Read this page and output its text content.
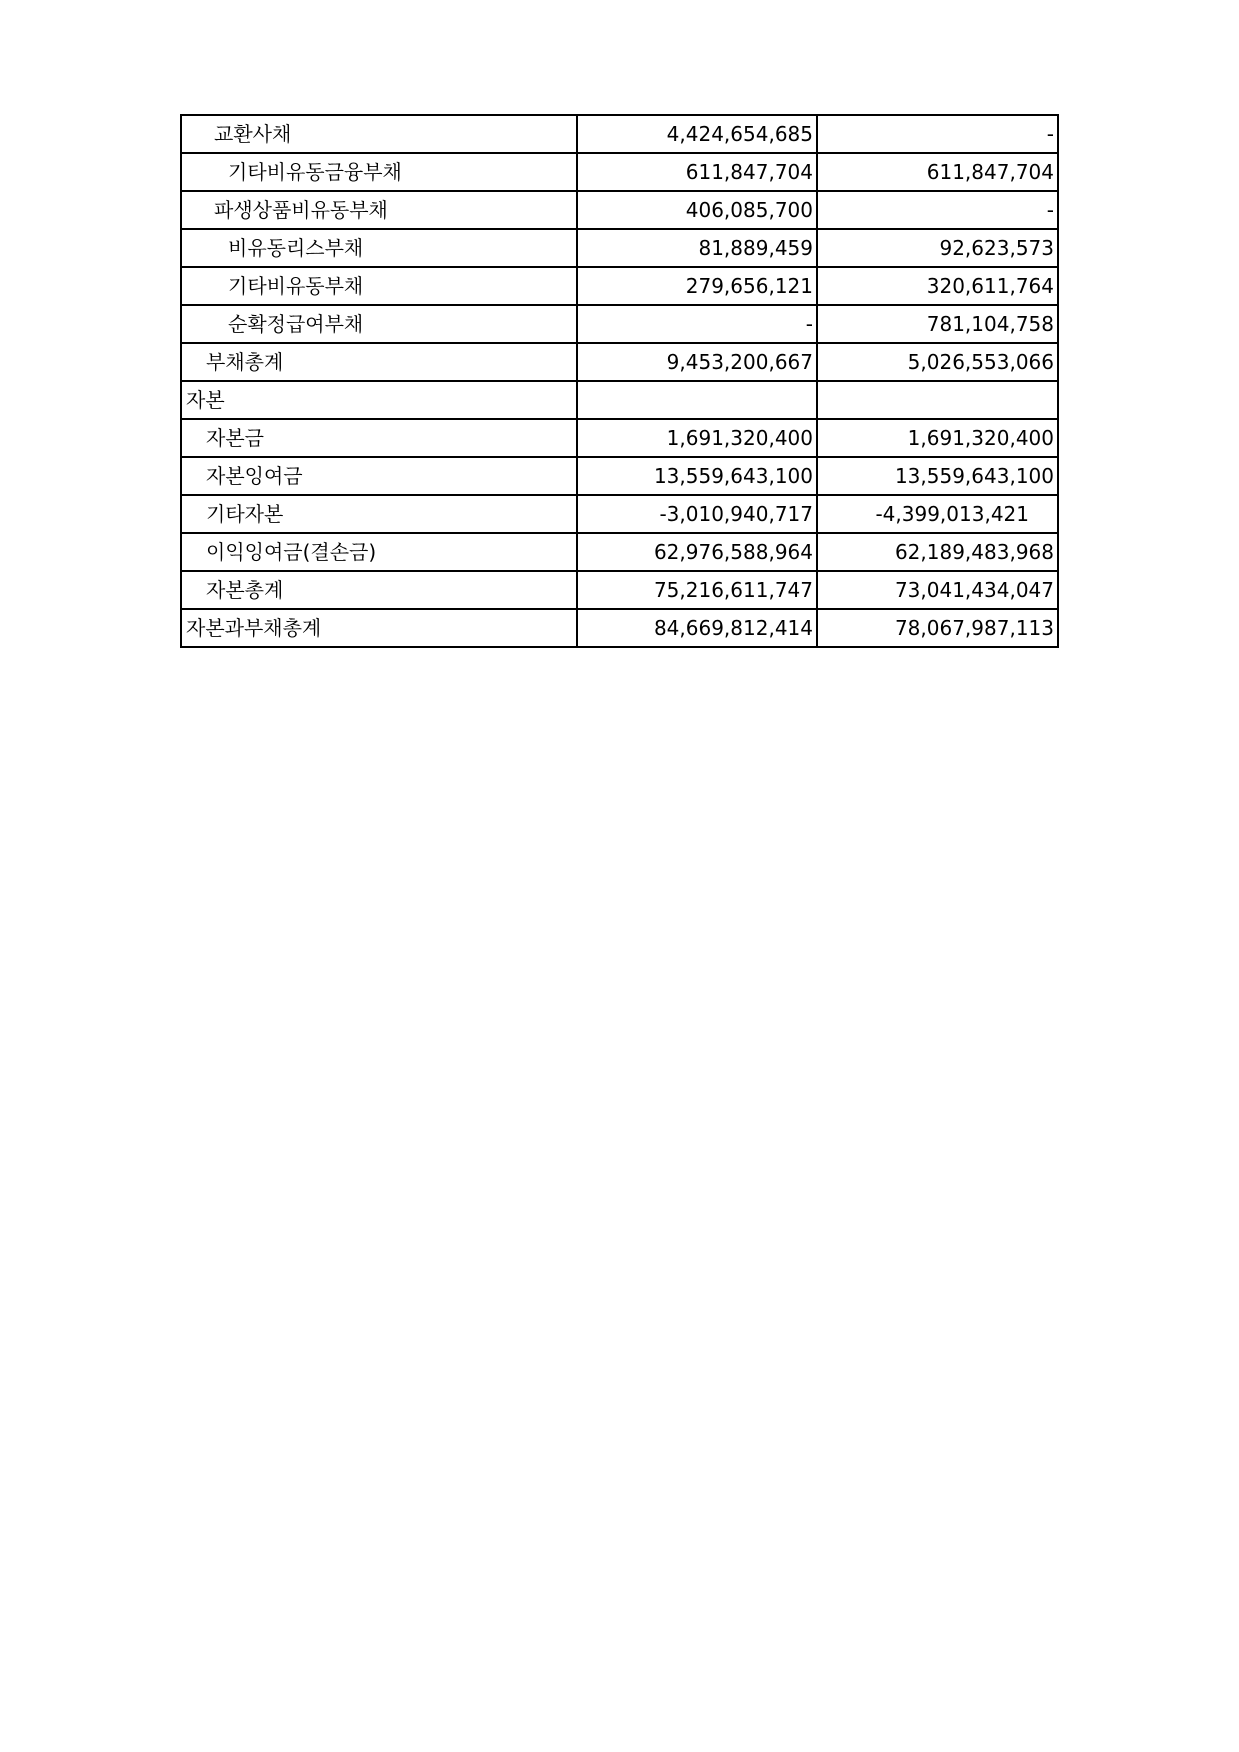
교환사채	4,424,654,685	-
기타비유동금융부채	611,847,704	611,847,704
파생상품비유동부채	406,085,700	-
비유동리스부채	81,889,459	92,623,573
기타비유동부채	279,656,121	320,611,764
순확정급여부채	-	781,104,758
부채총계	9,453,200,667	5,026,553,066
자본		
자본금	1,691,320,400	1,691,320,400
자본잉여금	13,559,643,100	13,559,643,100
기타자본	-3,010,940,717	-4,399,013,421
이익잉여금(결손금)	62,976,588,964	62,189,483,968
자본총계	75,216,611,747	73,041,434,047
자본과부채총계	84,669,812,414	78,067,987,113
